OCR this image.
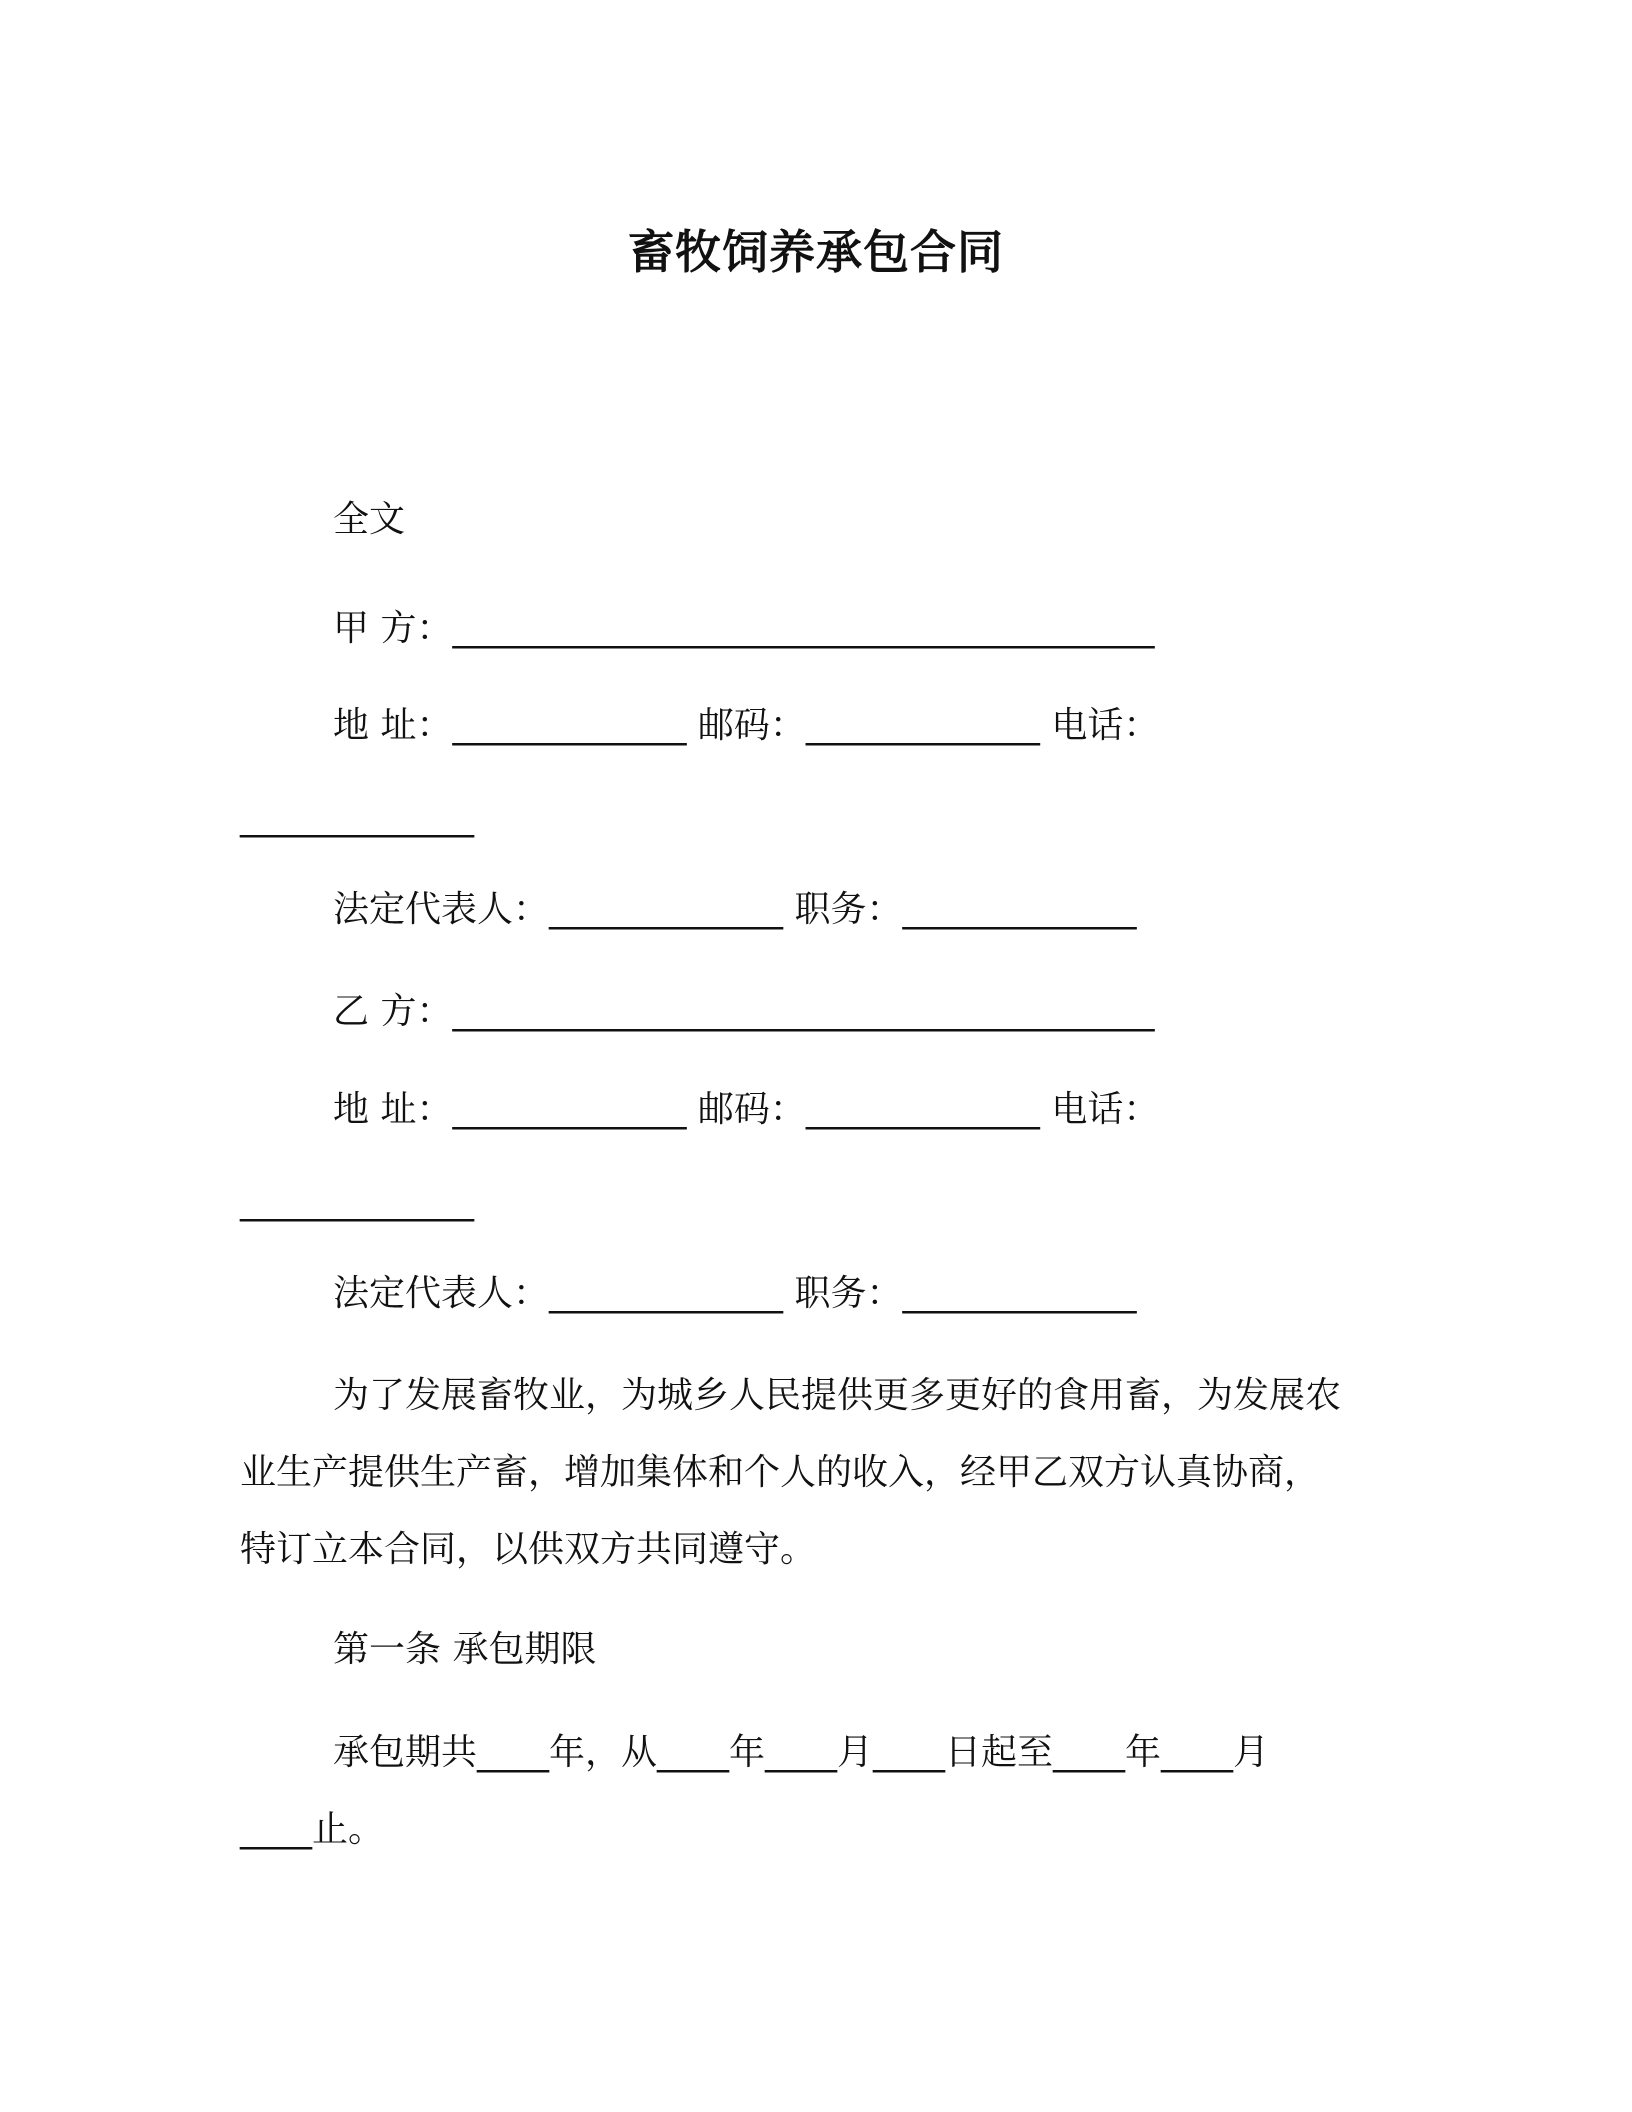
畜牧饲养承包合同
全文
甲 方：_______________________________________
地 址：_____________ 邮码：_____________ 电话：
_____________
法定代表人：_____________ 职务：_____________
乙 方：_______________________________________
地 址：_____________ 邮码：_____________ 电话：
_____________
法定代表人：_____________ 职务：_____________
为了发展畜牧业，为城乡人民提供更多更好的食用畜，为发展农
业生产提供生产畜，增加集体和个人的收入，经甲乙双方认真协商，
特订立本合同，以供双方共同遵守。
第一条 承包期限
承包期共____年，从____年____月____日起至____年____月
____止。
